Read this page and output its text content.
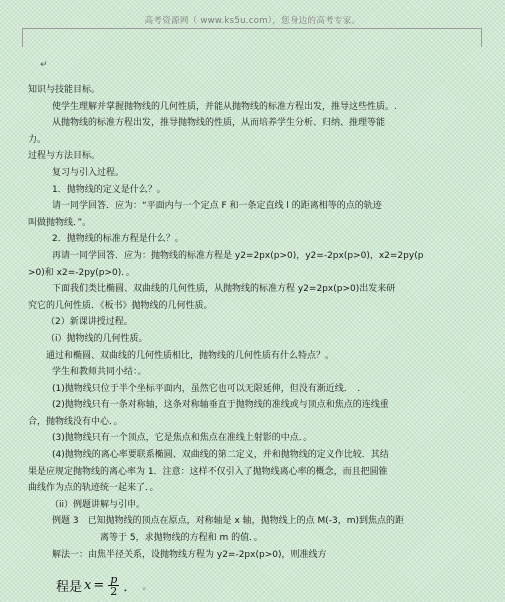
高考资源网（ www.ks5u.com），您身边的高考专家。
↵
知识与技能目标。
使学生理解并掌握抛物线的几何性质，并能从抛物线的标准方程出发，推导这些性质。.
从抛物线的标准方程出发，推导抛物线的性质，从而培养学生分析、归纳、推理等能
力。
过程与方法目标。
复习与引入过程。
1．抛物线的定义是什么？。
请一同学回答．应为：“平面内与一个定点 F 和一条定直线 l 的距离相等的点的轨迹
叫做抛物线．”。
2．抛物线的标准方程是什么？。
再请一同学回答．应为：抛物线的标准方程是 y2=2px(p>0)，y2=-2px(p>0)，x2=2py(p
>0)和 x2=-2py(p>0)．。
下面我们类比椭圆、双曲线的几何性质，从抛物线的标准方程 y2=2px(p>0)出发来研
究它的几何性质．《板书》抛物线的几何性质。
（2）新课讲授过程。
（i）抛物线的几何性质。
通过和椭圆、双曲线的几何性质相比，抛物线的几何性质有什么特点？。
学生和教师共同小结：。
(1)抛物线只位于半个坐标平面内，虽然它也可以无限延伸，但没有渐近线．　.
(2)抛物线只有一条对称轴，这条对称轴垂直于抛物线的准线或与顶点和焦点的连线重
合，抛物线没有中心．。
(3)抛物线只有一个顶点，它是焦点和焦点在准线上射影的中点．。
(4)抛物线的离心率要联系椭圆、双曲线的第二定义，并和抛物线的定义作比较．其结
果是应规定抛物线的离心率为 1．注意：这样不仅引入了抛物线离心率的概念，而且把圆锥
曲线作为点的轨迹统一起来了．。
（ii）例题讲解与引申。
例题 3　已知抛物线的顶点在原点，对称轴是 x 轴，抛物线上的点 M(-3，m)到焦点的距
离等于 5，求抛物线的方程和 m 的值．。
解法一：由焦半径关系，设抛物线方程为 y2=-2px(p>0)，则准线方
程是 $x = \frac{p}{2}$ ． 。
